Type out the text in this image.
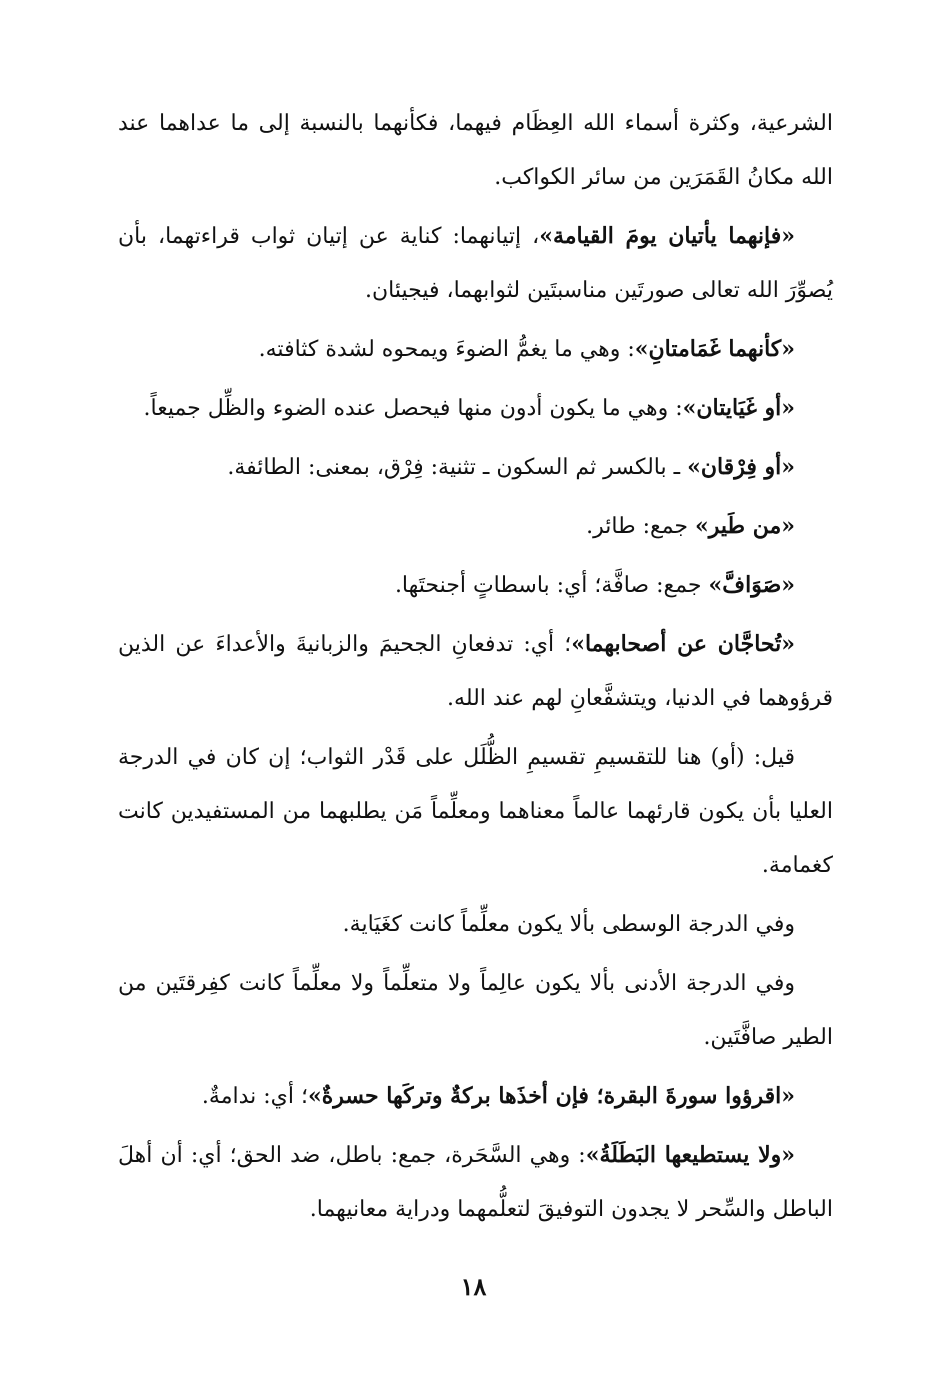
الشرعية، وكثرة أسماء الله العِظَام فيهما، فكأنهما بالنسبة إلى ما عداهما عند الله مكانُ القَمَرَين من سائر الكواكب.

«فإنهما يأتيان يومَ القيامة»، إتيانهما: كناية عن إتيان ثواب قراءتهما، بأن يُصوِّرَ الله تعالى صورتَين مناسبتَين لثوابهما، فيجيئان.

«كأنهما غَمَامتانِ»: وهي ما يغمُّ الضوءَ ويمحوه لشدة كثافته.

«أو غَيَايتان»: وهي ما يكون أدون منها فيحصل عنده الضوء والظِّل جميعاً.

«أو فِرْقان» ـ بالكسر ثم السكون ـ تثنية: فِرْق، بمعنى: الطائفة.

«من طَير» جمع: طائر.

«صَوَافَّ» جمع: صافَّة؛ أي: باسطاتٍ أجنحتَها.

«تُحاجَّان عن أصحابهما»؛ أي: تدفعانِ الجحيمَ والزبانيةَ والأعداءَ عن الذين قرؤوهما في الدنيا، ويتشفَّعانِ لهم عند الله.

قيل: (أو) هنا للتقسيمِ تقسيمِ الظُّلَل على قَدْر الثواب؛ إن كان في الدرجة العليا بأن يكون قارئهما عالماً معناهما ومعلِّماً مَن يطلبهما من المستفيدين كانت كغمامة.

وفي الدرجة الوسطى بألا يكون معلِّماً كانت كغَيَاية.

وفي الدرجة الأدنى بألا يكون عالِماً ولا متعلِّماً ولا معلِّماً كانت كفِرقتَين من الطير صافَّتَين.

«اقرؤوا سورةَ البقرة؛ فإن أخذَها بركةٌ وتركَها حسرةٌ»؛ أي: ندامةٌ.

«ولا يستطيعها البَطَلَةُ»: وهي السَّحَرة، جمع: باطل، ضد الحق؛ أي: أن أهلَ الباطل والسِّحر لا يجدون التوفيقَ لتعلُّمهما ودراية معانيهما.

١٨
